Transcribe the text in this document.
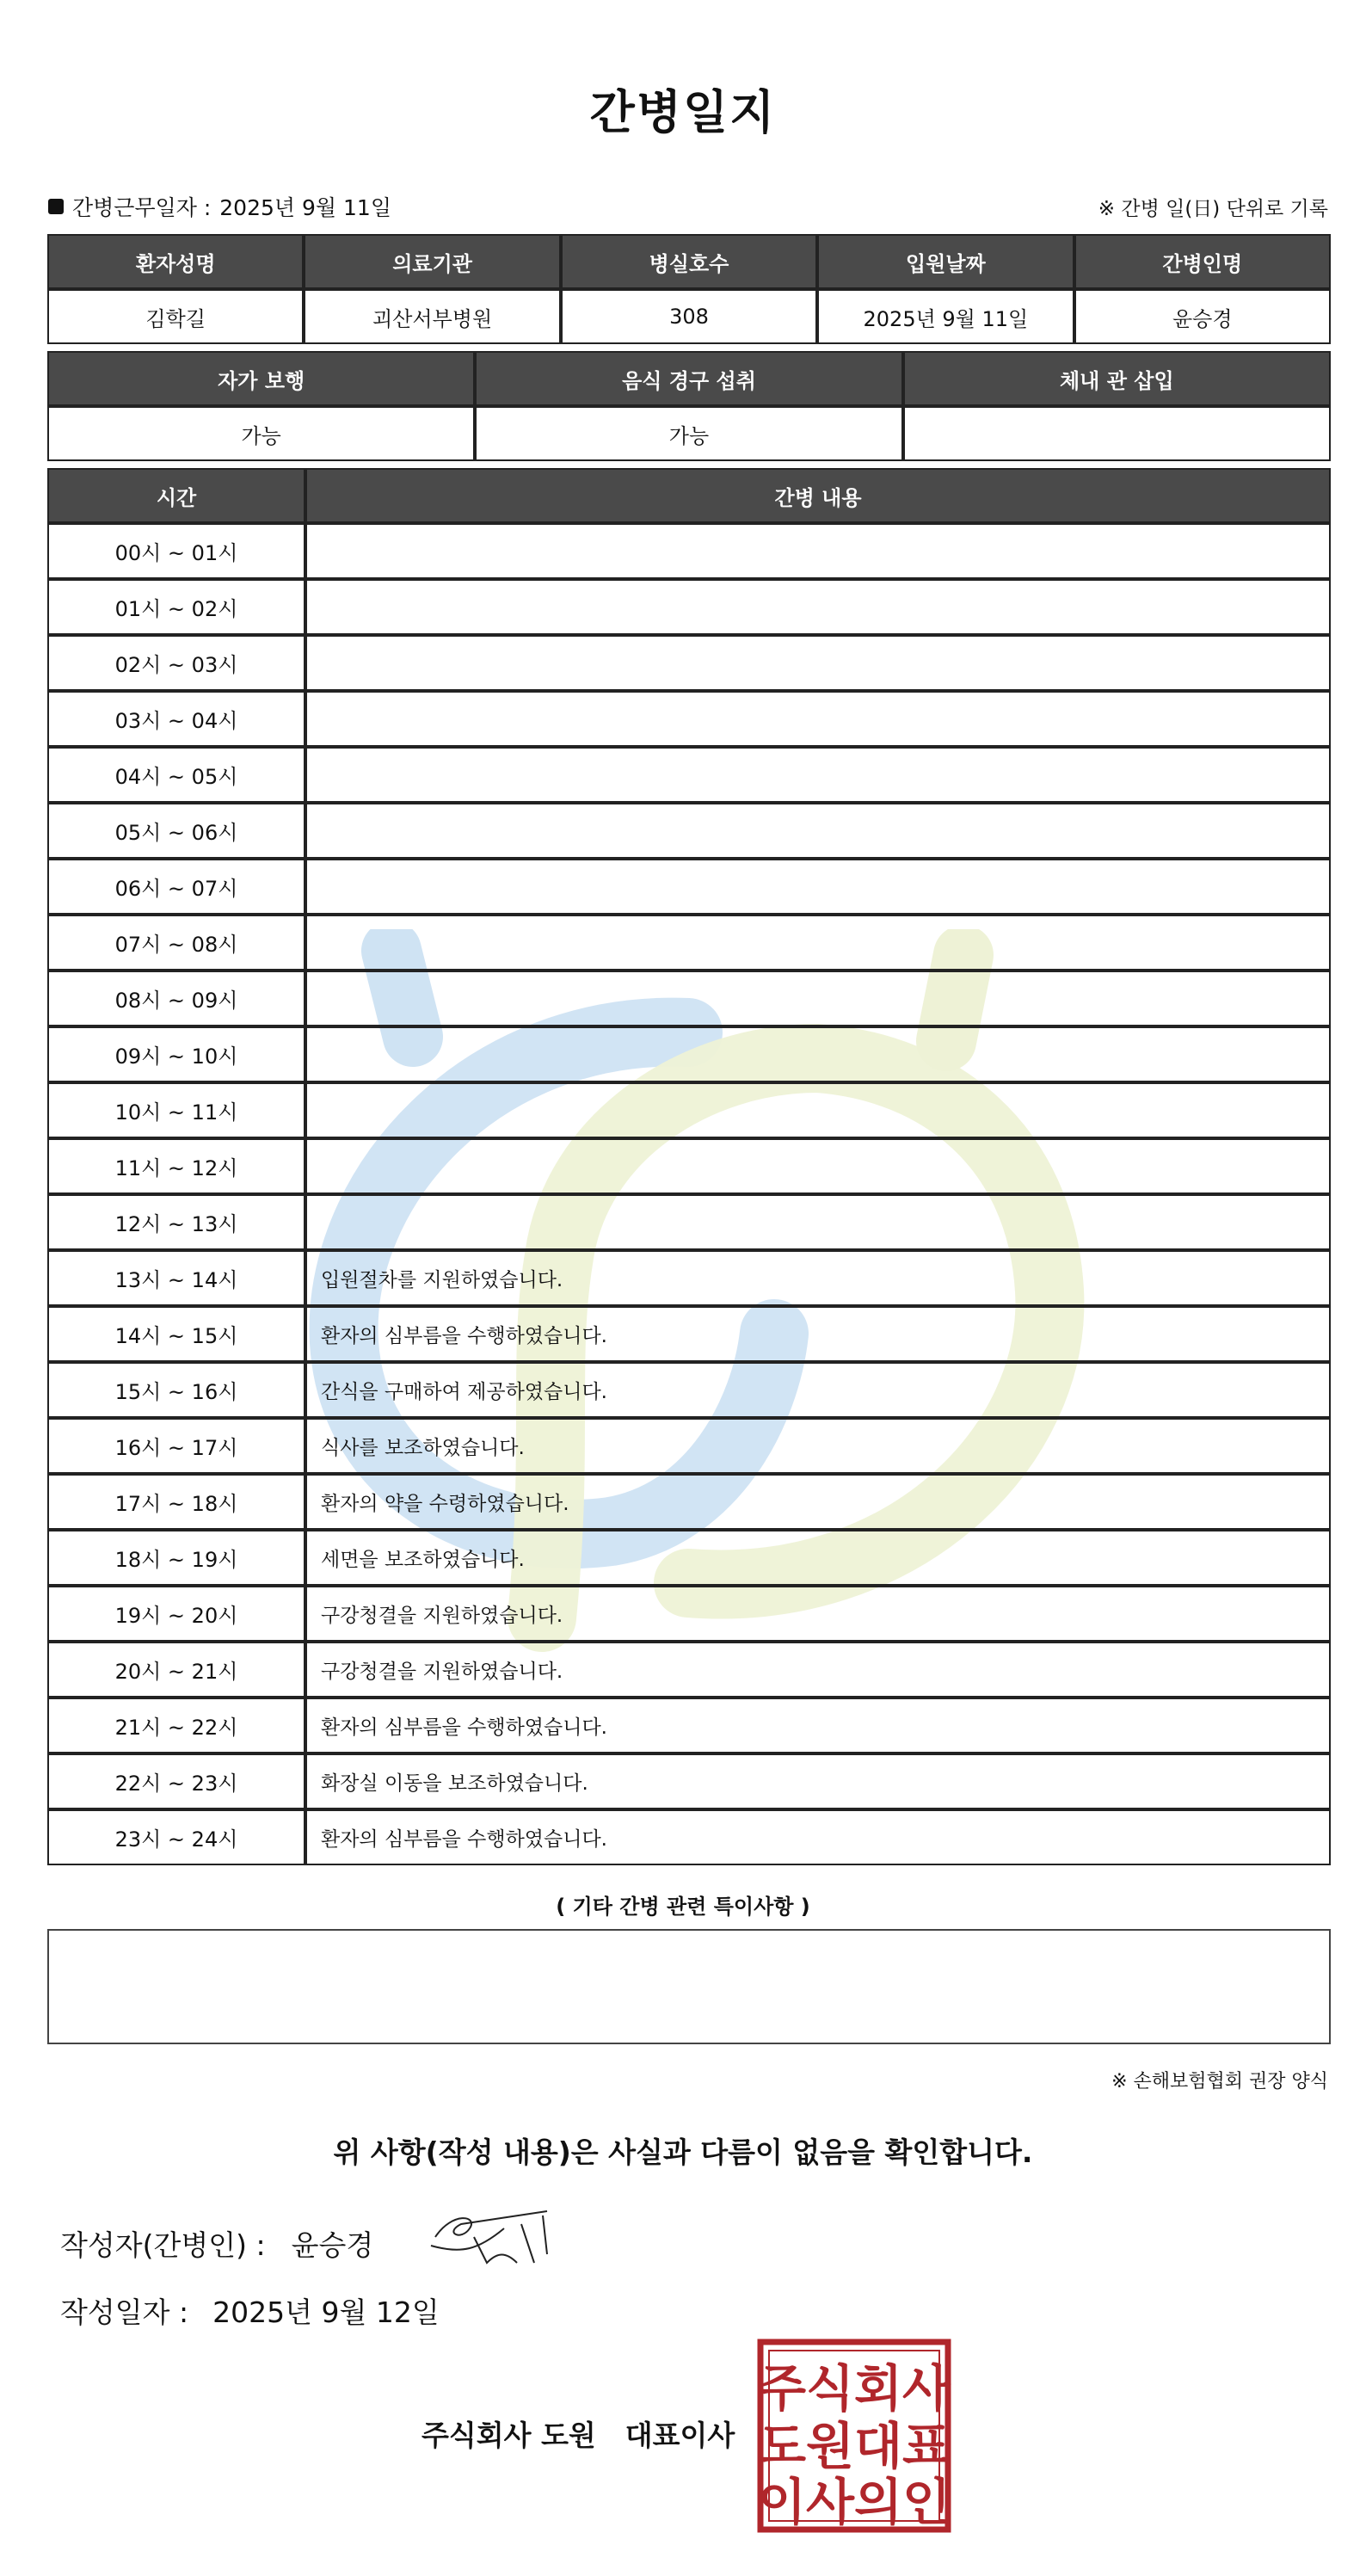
간병일지
간병근무일자 : 2025년 9월 11일	※ 간병 일(日) 단위로 기록
환자성명	의료기관	병실호수	입원날짜	간병인명
김학길	괴산서부병원	308	2025년 9월 11일	윤승경
자가 보행	음식 경구 섭취	체내 관 삽입
가능	가능	
시간	간병 내용
00시 ~ 01시	
01시 ~ 02시	
02시 ~ 03시	
03시 ~ 04시	
04시 ~ 05시	
05시 ~ 06시	
06시 ~ 07시	
07시 ~ 08시	
08시 ~ 09시	
09시 ~ 10시	
10시 ~ 11시	
11시 ~ 12시	
12시 ~ 13시	
13시 ~ 14시	입원절차를 지원하였습니다.
14시 ~ 15시	환자의 심부름을 수행하였습니다.
15시 ~ 16시	간식을 구매하여 제공하였습니다.
16시 ~ 17시	식사를 보조하였습니다.
17시 ~ 18시	환자의 약을 수령하였습니다.
18시 ~ 19시	세면을 보조하였습니다.
19시 ~ 20시	구강청결을 지원하였습니다.
20시 ~ 21시	구강청결을 지원하였습니다.
21시 ~ 22시	환자의 심부름을 수행하였습니다.
22시 ~ 23시	화장실 이동을 보조하였습니다.
23시 ~ 24시	환자의 심부름을 수행하였습니다.
( 기타 간병 관련 특이사항 )
※ 손해보험협회 권장 양식
위 사항(작성 내용)은 사실과 다름이 없음을 확인합니다.
작성자(간병인) : 윤승경
작성일자 : 2025년 9월 12일
주식회사 도원 대표이사
주식회사
도원대표
이사의인
